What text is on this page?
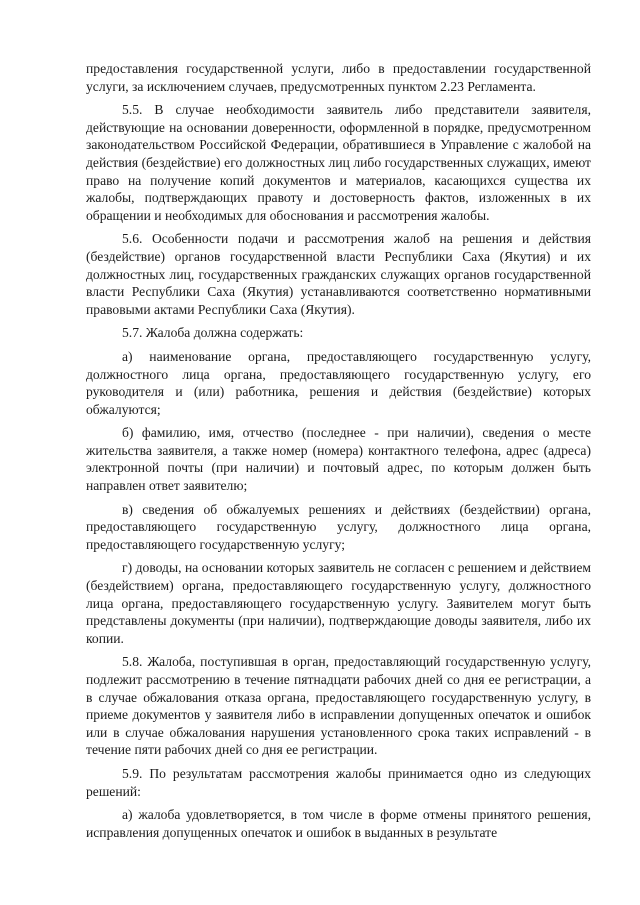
предоставления государственной услуги, либо в предоставлении государственной услуги, за исключением случаев, предусмотренных пунктом 2.23 Регламента.

5.5. В случае необходимости заявитель либо представители заявителя, действующие на основании доверенности, оформленной в порядке, предусмотренном законодательством Российской Федерации, обратившиеся в Управление с жалобой на действия (бездействие) его должностных лиц либо государственных служащих, имеют право на получение копий документов и материалов, касающихся существа их жалобы, подтверждающих правоту и достоверность фактов, изложенных в их обращении и необходимых для обоснования и рассмотрения жалобы.

5.6. Особенности подачи и рассмотрения жалоб на решения и действия (бездействие) органов государственной власти Республики Саха (Якутия) и их должностных лиц, государственных гражданских служащих органов государственной власти Республики Саха (Якутия) устанавливаются соответственно нормативными правовыми актами Республики Саха (Якутия).

5.7. Жалоба должна содержать:

а) наименование органа, предоставляющего государственную услугу, должностного лица органа, предоставляющего государственную услугу, его руководителя и (или) работника, решения и действия (бездействие) которых обжалуются;

б) фамилию, имя, отчество (последнее - при наличии), сведения о месте жительства заявителя, а также номер (номера) контактного телефона, адрес (адреса) электронной почты (при наличии) и почтовый адрес, по которым должен быть направлен ответ заявителю;

в) сведения об обжалуемых решениях и действиях (бездействии) органа, предоставляющего государственную услугу, должностного лица органа, предоставляющего государственную услугу;

г) доводы, на основании которых заявитель не согласен с решением и действием (бездействием) органа, предоставляющего государственную услугу, должностного лица органа, предоставляющего государственную услугу. Заявителем могут быть представлены документы (при наличии), подтверждающие доводы заявителя, либо их копии.

5.8. Жалоба, поступившая в орган, предоставляющий государственную услугу, подлежит рассмотрению в течение пятнадцати рабочих дней со дня ее регистрации, а в случае обжалования отказа органа, предоставляющего государственную услугу, в приеме документов у заявителя либо в исправлении допущенных опечаток и ошибок или в случае обжалования нарушения установленного срока таких исправлений - в течение пяти рабочих дней со дня ее регистрации.

5.9. По результатам рассмотрения жалобы принимается одно из следующих решений:

а) жалоба удовлетворяется, в том числе в форме отмены принятого решения, исправления допущенных опечаток и ошибок в выданных в результате
